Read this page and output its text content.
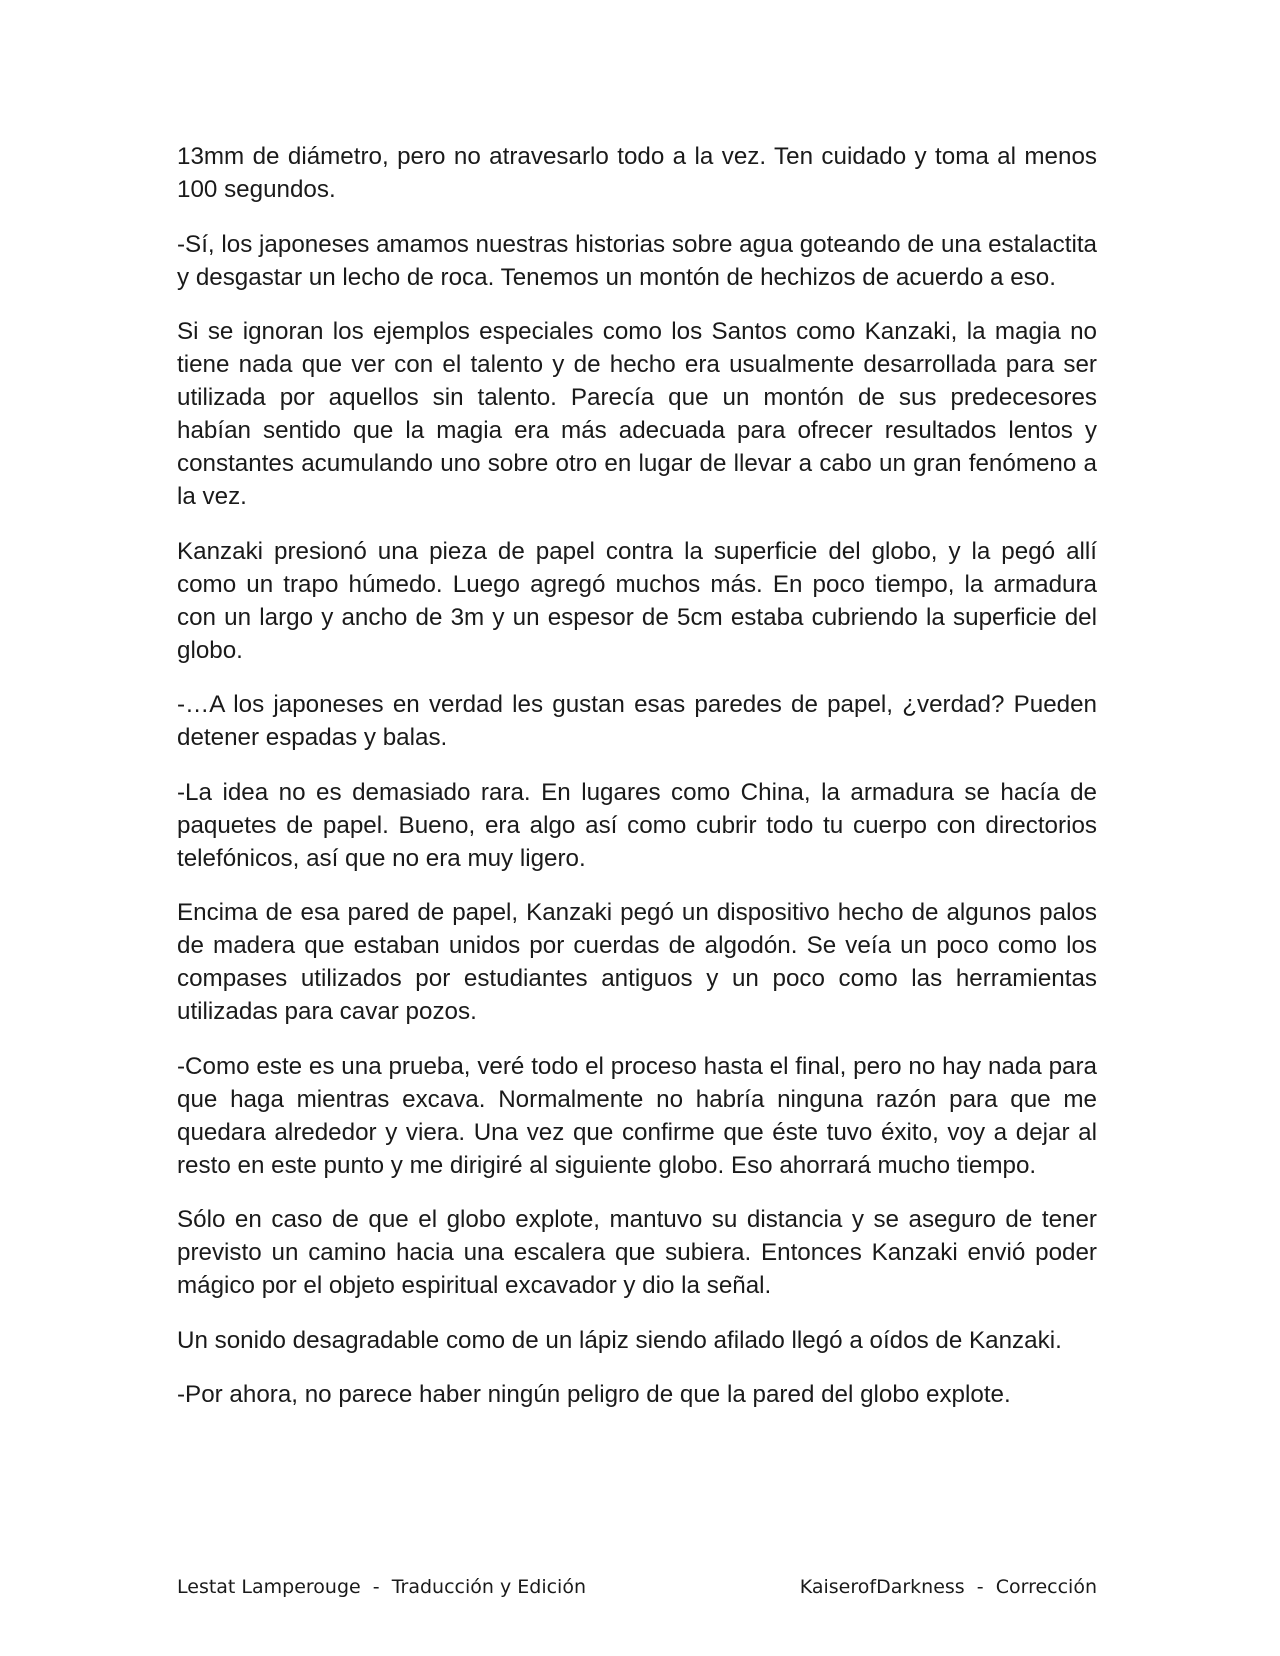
13mm de diámetro, pero no atravesarlo todo a la vez. Ten cuidado y toma al menos 100 segundos.

-Sí, los japoneses amamos nuestras historias sobre agua goteando de una estalactita y desgastar un lecho de roca. Tenemos un montón de hechizos de acuerdo a eso.

Si se ignoran los ejemplos especiales como los Santos como Kanzaki, la magia no tiene nada que ver con el talento y de hecho era usualmente desarrollada para ser utilizada por aquellos sin talento. Parecía que un montón de sus predecesores habían sentido que la magia era más adecuada para ofrecer resultados lentos y constantes acumulando uno sobre otro en lugar de llevar a cabo un gran fenómeno a la vez.

Kanzaki presionó una pieza de papel contra la superficie del globo, y la pegó allí como un trapo húmedo. Luego agregó muchos más. En poco tiempo, la armadura con un largo y ancho de 3m y un espesor de 5cm estaba cubriendo la superficie del globo.

-…A los japoneses en verdad les gustan esas paredes de papel, ¿verdad? Pueden detener espadas y balas.

-La idea no es demasiado rara. En lugares como China, la armadura se hacía de paquetes de papel. Bueno, era algo así como cubrir todo tu cuerpo con directorios telefónicos, así que no era muy ligero.

Encima de esa pared de papel, Kanzaki pegó un dispositivo hecho de algunos palos de madera que estaban unidos por cuerdas de algodón. Se veía un poco como los compases utilizados por estudiantes antiguos y un poco como las herramientas utilizadas para cavar pozos.

-Como este es una prueba, veré todo el proceso hasta el final, pero no hay nada para que haga mientras excava. Normalmente no habría ninguna razón para que me quedara alrededor y viera. Una vez que confirme que éste tuvo éxito, voy a dejar al resto en este punto y me dirigiré al siguiente globo. Eso ahorrará mucho tiempo.

Sólo en caso de que el globo explote, mantuvo su distancia y se aseguro de tener previsto un camino hacia una escalera que subiera. Entonces Kanzaki envió poder mágico por el objeto espiritual excavador y dio la señal.

Un sonido desagradable como de un lápiz siendo afilado llegó a oídos de Kanzaki.

-Por ahora, no parece haber ningún peligro de que la pared del globo explote.

Lestat Lamperouge  -  Traducción y Edición	KaiserofDarkness  -  Corrección
